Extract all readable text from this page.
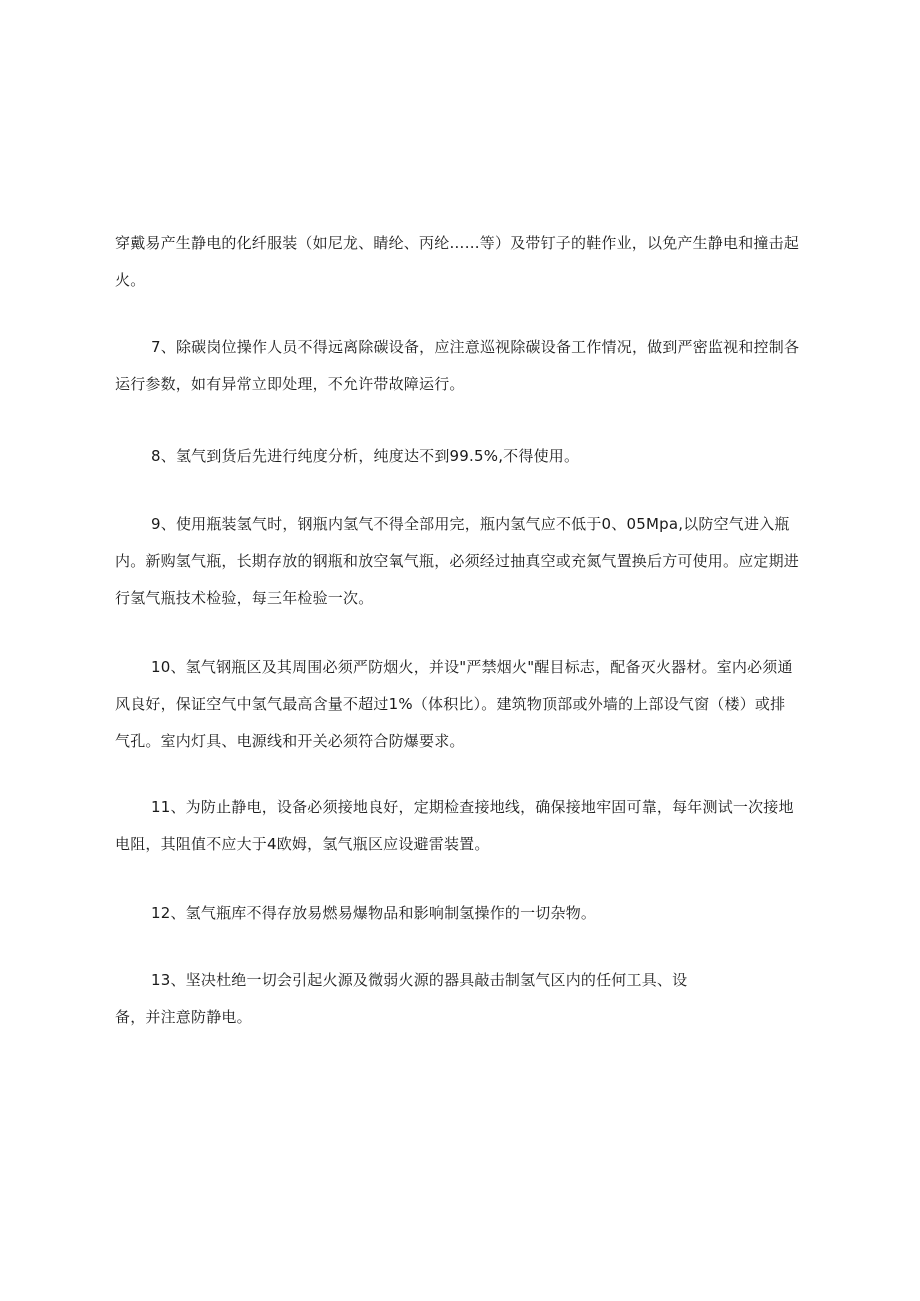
穿戴易产生静电的化纤服装（如尼龙、睛纶、丙纶……等）及带钉子的鞋作业，以免产生静电和撞击起
火。

7、除碳岗位操作人员不得远离除碳设备，应注意巡视除碳设备工作情况，做到严密监视和控制各
运行参数，如有异常立即处理，不允许带故障运行。

8、氢气到货后先进行纯度分析，纯度达不到99.5%,不得使用。

9、使用瓶装氢气时，钢瓶内氢气不得全部用完，瓶内氢气应不低于0、05Mpa,以防空气进入瓶
内。新购氢气瓶，长期存放的钢瓶和放空氧气瓶，必须经过抽真空或充氮气置换后方可使用。应定期进
行氢气瓶技术检验，每三年检验一次。

10、氢气钢瓶区及其周围必须严防烟火，并设"严禁烟火"醒目标志，配备灭火器材。室内必须通
风良好，保证空气中氢气最高含量不超过1%（体积比）。建筑物顶部或外墙的上部设气窗（楼）或排
气孔。室内灯具、电源线和开关必须符合防爆要求。

11、为防止静电，设备必须接地良好，定期检查接地线，确保接地牢固可靠，每年测试一次接地
电阻，其阻值不应大于4欧姆，氢气瓶区应设避雷装置。

12、氢气瓶库不得存放易燃易爆物品和影响制氢操作的一切杂物。

13、坚决杜绝一切会引起火源及微弱火源的器具敲击制氢气区内的任何工具、设
备，并注意防静电。
